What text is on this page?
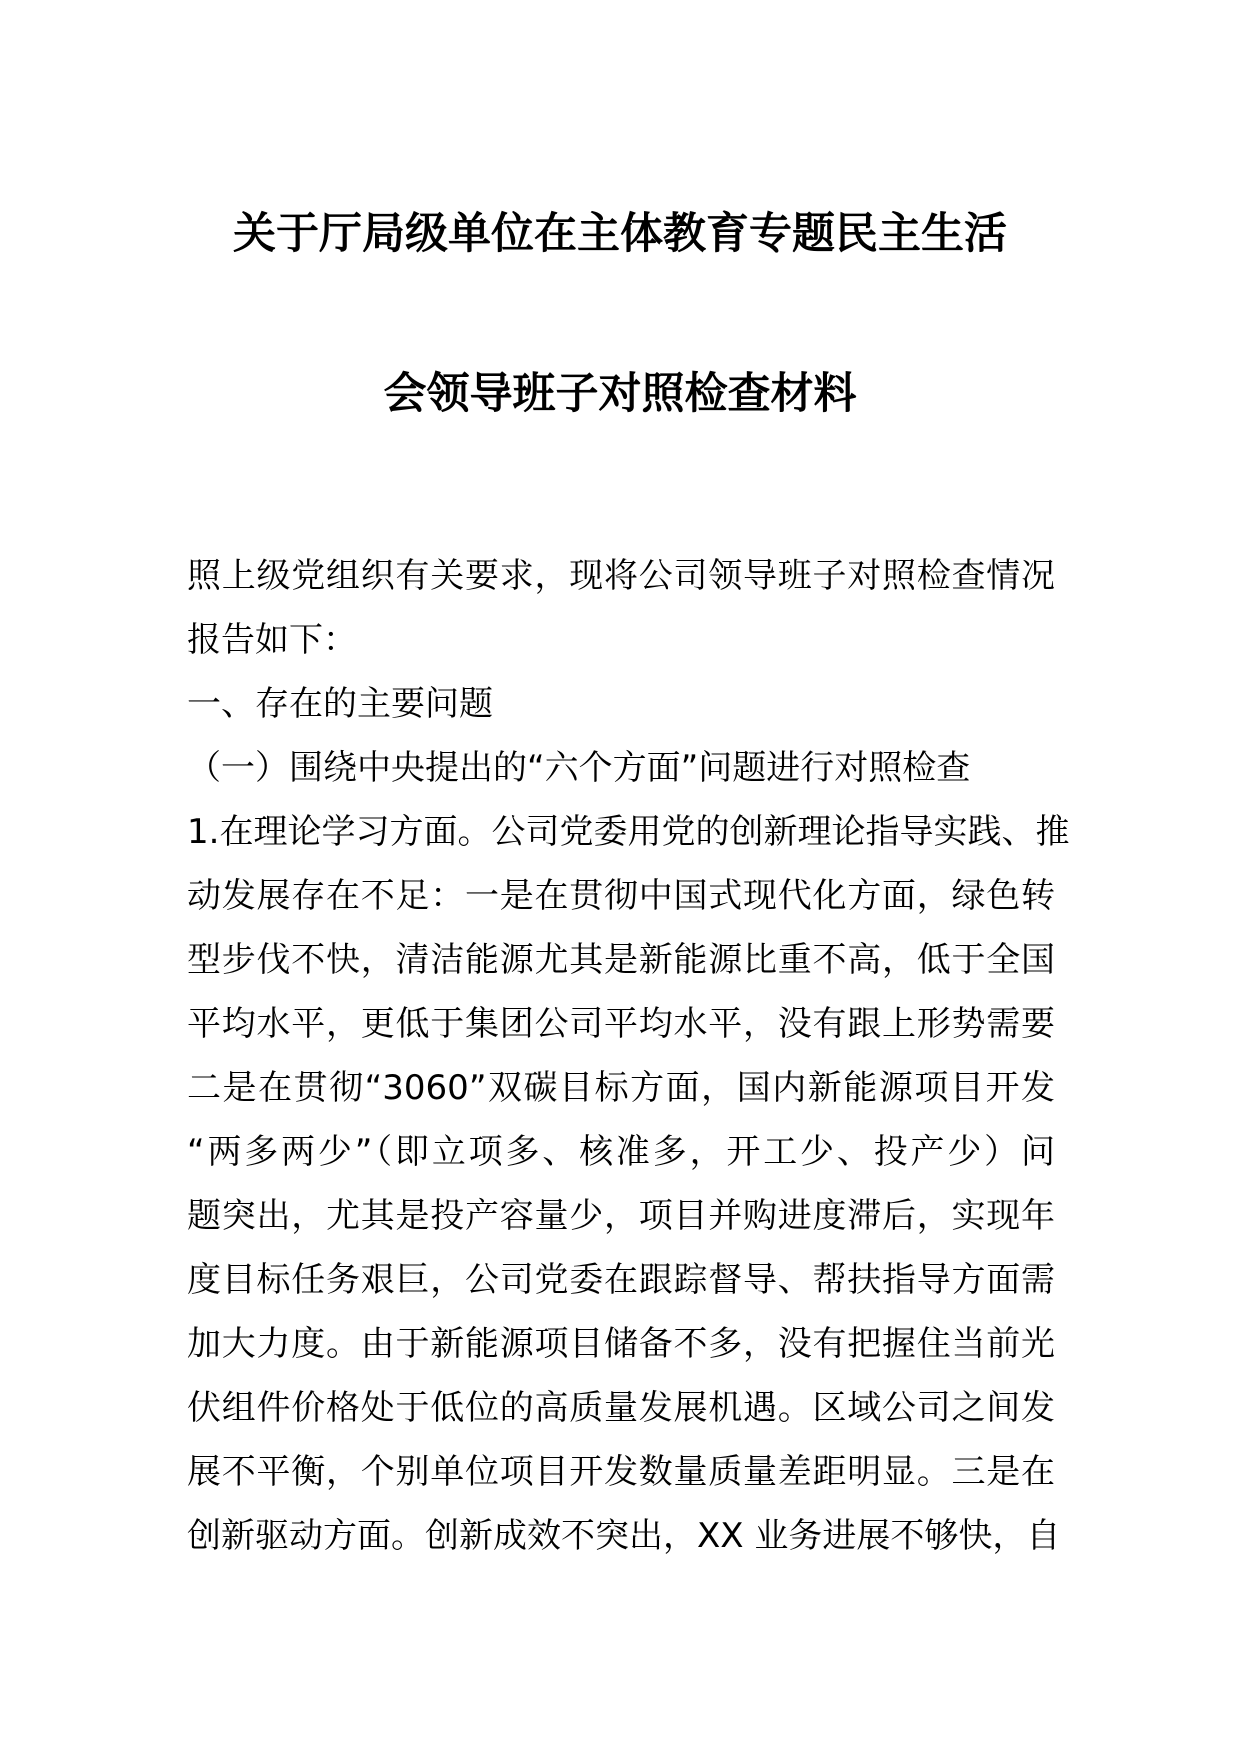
关于厅局级单位在主体教育专题民主生活
会领导班子对照检查材料

照上级党组织有关要求，现将公司领导班子对照检查情况

报告如下：

一、存在的主要问题

（一）围绕中央提出的“六个方面”问题进行对照检查

1.在理论学习方面。公司党委用党的创新理论指导实践、推

动发展存在不足：一是在贯彻中国式现代化方面，绿色转

型步伐不快，清洁能源尤其是新能源比重不高，低于全国

平均水平，更低于集团公司平均水平，没有跟上形势需要

二是在贯彻“3060”双碳目标方面，国内新能源项目开发

“两多两少”（即立项多、核准多，开工少、投产少）问

题突出，尤其是投产容量少，项目并购进度滞后，实现年

度目标任务艰巨，公司党委在跟踪督导、帮扶指导方面需

加大力度。由于新能源项目储备不多，没有把握住当前光

伏组件价格处于低位的高质量发展机遇。区域公司之间发

展不平衡，个别单位项目开发数量质量差距明显。三是在

创新驱动方面。创新成效不突出，XX 业务进展不够快，自
